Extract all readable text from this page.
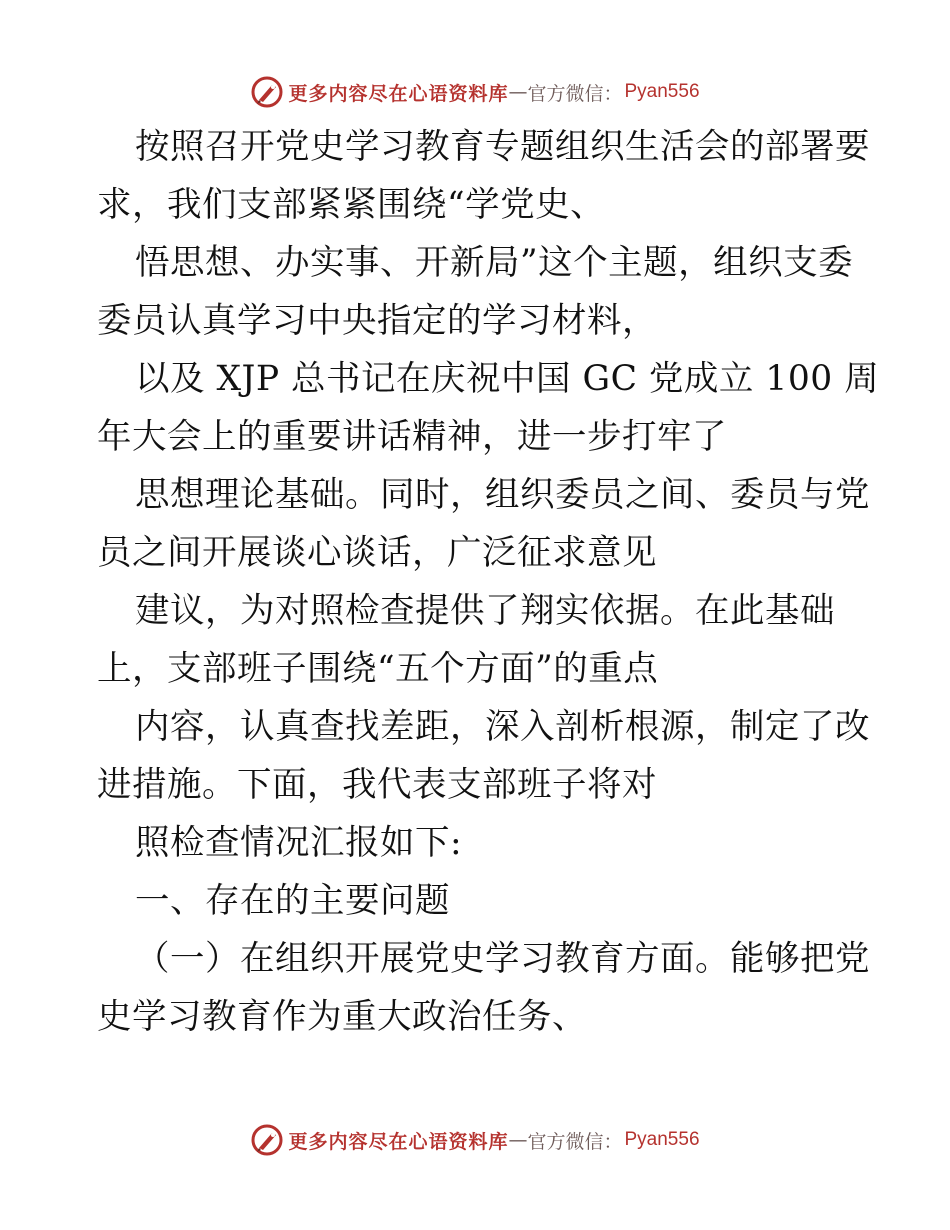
更多内容尽在心语资料库 — 官方微信： Pyan556
按照召开党史学习教育专题组织生活会的部署要
求，我们支部紧紧围绕“学党史、
悟思想、办实事、开新局”这个主题，组织支委
委员认真学习中央指定的学习材料，
以及 XJP 总书记在庆祝中国 GC 党成立 100 周
年大会上的重要讲话精神，进一步打牢了
思想理论基础。同时，组织委员之间、委员与党
员之间开展谈心谈话，广泛征求意见
建议，为对照检查提供了翔实依据。在此基础
上，支部班子围绕“五个方面”的重点
内容，认真查找差距，深入剖析根源，制定了改
进措施。下面，我代表支部班子将对
照检查情况汇报如下:
一、存在的主要问题
（一）在组织开展党史学习教育方面。能够把党
史学习教育作为重大政治任务、
更多内容尽在心语资料库 — 官方微信： Pyan556
